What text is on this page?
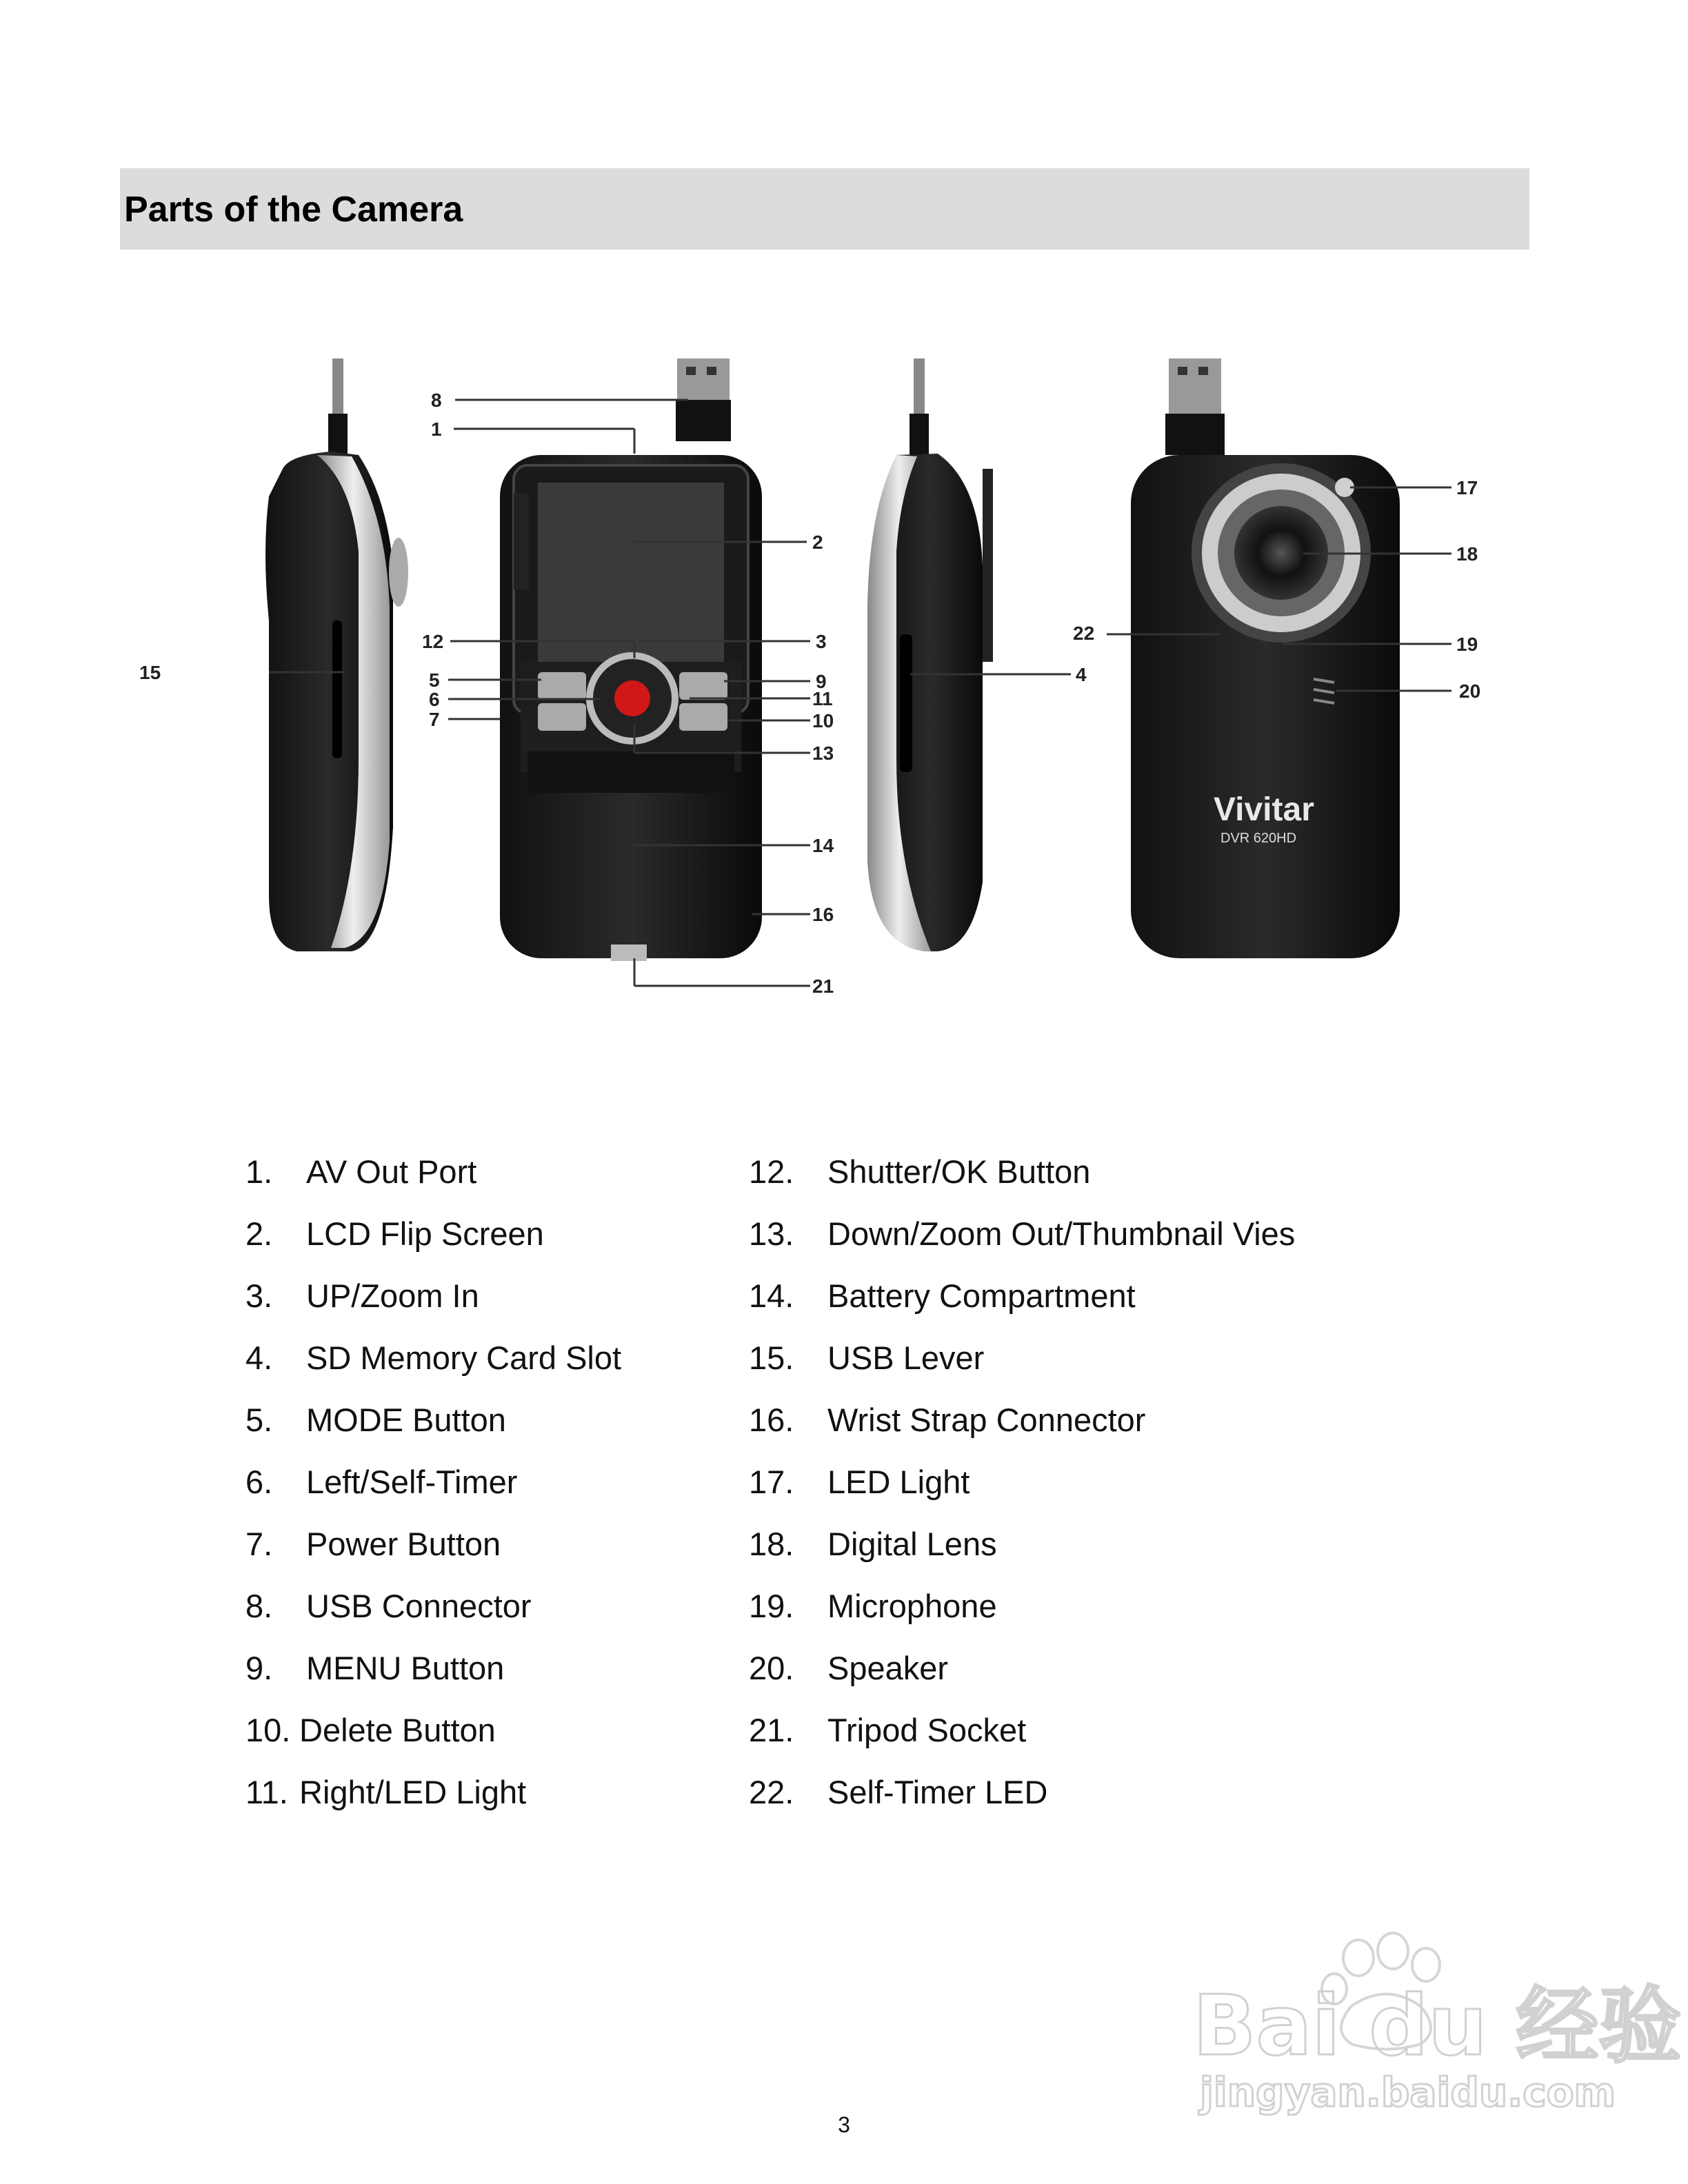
Parts of the Camera
Vivitar
DVR 620HD
8
1
2
3
4
5
6
7
9
10
11
12
13
14
15
16
17
18
19
20
21
22
1. AV Out Port
2. LCD Flip Screen
3. UP/Zoom In
4. SD Memory Card Slot
5. MODE Button
6. Left/Self-Timer
7. Power Button
8. USB Connector
9. MENU Button
10. Delete Button
11. Right/LED Light
12. Shutter/OK Button
13. Down/Zoom Out/Thumbnail Vies
14. Battery Compartment
15. USB Lever
16. Wrist Strap Connector
17. LED Light
18. Digital Lens
19. Microphone
20. Speaker
21. Tripod Socket
22. Self-Timer LED
3
Bai du 经验
jingyan.baidu.com
